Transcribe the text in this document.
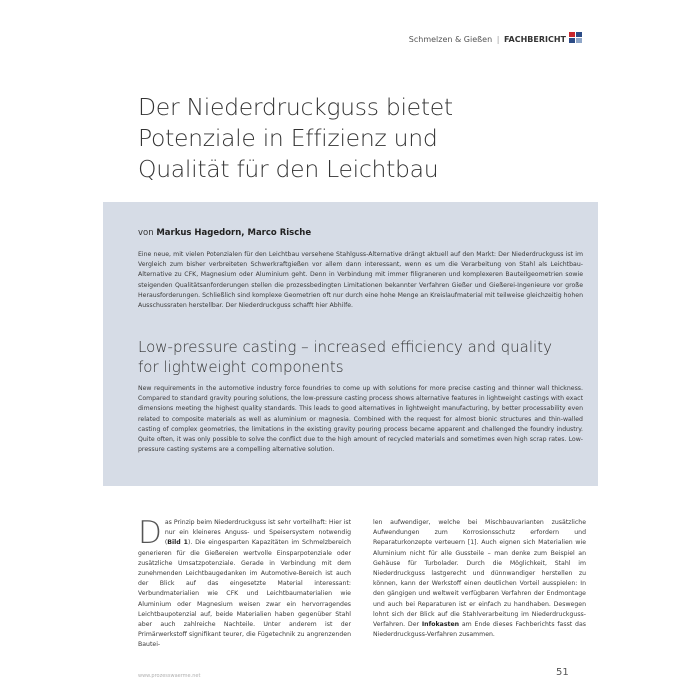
Schmelzen & Gießen | FACHBERICHT
Der Niederdruckguss bietet
Potenziale in Effizienz und
Qualität für den Leichtbau
von Markus Hagedorn, Marco Rische
Eine neue, mit vielen Potenzialen für den Leichtbau versehene Stahlguss-Alternative drängt aktuell auf den Markt: Der Niederdruckguss ist im Vergleich zum bisher verbreiteten Schwerkraftgießen vor allem dann interessant, wenn es um die Verarbeitung von Stahl als Leichtbau-Alternative zu CFK, Magnesium oder Aluminium geht. Denn in Verbindung mit immer filigraneren und komplexeren Bauteilgeometrien sowie steigenden Qualitätsanforderungen stellen die prozessbedingten Limitationen bekannter Verfahren Gießer und Gießerei-Ingenieure vor große Herausforderungen. Schließlich sind komplexe Geometrien oft nur durch eine hohe Menge an Kreislaufmaterial mit teilweise gleichzeitig hohen Ausschussraten herstellbar. Der Niederdruckguss schafft hier Abhilfe.
Low-pressure casting – increased efficiency and quality
for lightweight components
New requirements in the automotive industry force foundries to come up with solutions for more precise casting and thinner wall thickness. Compared to standard gravity pouring solutions, the low-pressure casting process shows alternative features in lightweight castings with exact dimensions meeting the highest quality standards. This leads to good alternatives in lightweight manufacturing, by better processability even related to composite materials as well as aluminium or magnesia. Combined with the request for almost bionic structures and thin-walled casting of complex geometries, the limitations in the existing gravity pouring process became apparent and challenged the foundry industry. Quite often, it was only possible to solve the conflict due to the high amount of recycled materials and sometimes even high scrap rates. Low-pressure casting systems are a compelling alternative solution.
Das Prinzip beim Niederdruckguss ist sehr vorteilhaft: Hier ist nur ein kleineres Anguss- und Speisersystem notwendig (Bild 1). Die eingesparten Kapazitäten im Schmelzbereich generieren für die Gießereien wertvolle Einsparpotenziale oder zusätzliche Umsatzpotenziale. Gerade in Verbindung mit dem zunehmenden Leichtbaugedanken im Automotive-Bereich ist auch der Blick auf das eingesetzte Material interessant: Verbundmaterialien wie CFK und Leichtbaumaterialien wie Aluminium oder Magnesium weisen zwar ein hervorragendes Leichtbaupotenzial auf, beide Materialien haben gegenüber Stahl aber auch zahlreiche Nachteile. Unter anderem ist der Primärwerkstoff signifikant teurer, die Fügetechnik zu angrenzenden Bautei-
len aufwendiger, welche bei Mischbauvarianten zusätzliche Aufwendungen zum Korrosionsschutz erfordern und Reparaturkonzepte verteuern [1]. Auch eignen sich Materialien wie Aluminium nicht für alle Gussteile – man denke zum Beispiel an Gehäuse für Turbolader. Durch die Möglichkeit, Stahl im Niederdruckguss lastgerecht und dünnwandiger herstellen zu können, kann der Werkstoff einen deutlichen Vorteil ausspielen: In den gängigen und weltweit verfügbaren Verfahren der Endmontage und auch bei Reparaturen ist er einfach zu handhaben. Deswegen lohnt sich der Blick auf die Stahlverarbeitung im Niederdruckguss-Verfahren. Der Infokasten am Ende dieses Fachberichts fasst das Niederdruckguss-Verfahren zusammen.
www.prozesswaerme.net	51
